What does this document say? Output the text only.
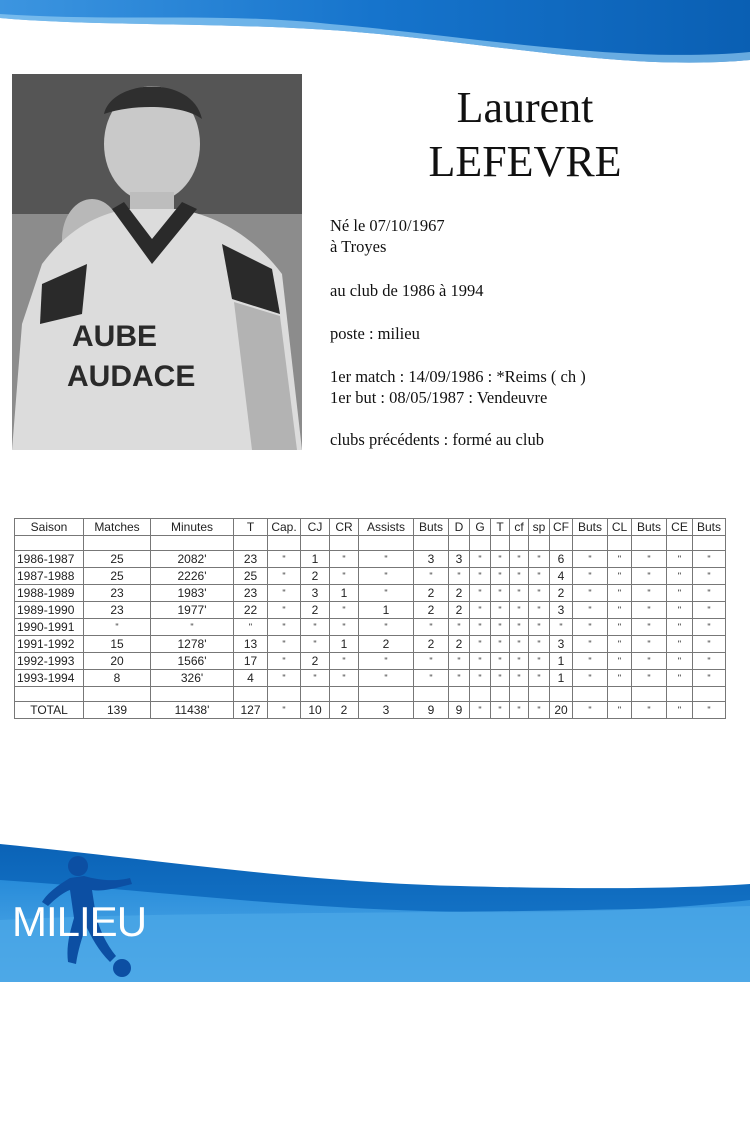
AUBE
AUDACE
Laurent
LEFEVRE
Né le 07/10/1967
à Troyes
au club de 1986 à 1994
poste : milieu
1er match : 14/09/1986 : *Reims ( ch )
1er but : 08/05/1987 : Vendeuvre
clubs précédents : formé au club
Saison	Matches	Minutes	T	Cap.	CJ	CR	Assists	Buts	D	G	T	cf	sp	CF	Buts	CL	Buts	CE	Buts

1986-1987	25	2082'	23	"	1	"	"	3	3	"	"	"	"	6	"	"	"	"	"
1987-1988	25	2226'	25	"	2	"	"	"	"	"	"	"	"	4	"	"	"	"	"
1988-1989	23	1983'	23	"	3	1	"	2	2	"	"	"	"	2	"	"	"	"	"
1989-1990	23	1977'	22	"	2	"	1	2	2	"	"	"	"	3	"	"	"	"	"
1990-1991	"	"	"	"	"	"	"	"	"	"	"	"	"	"	"	"	"	"	"
1991-1992	15	1278'	13	"	"	1	2	2	2	"	"	"	"	3	"	"	"	"	"
1992-1993	20	1566'	17	"	2	"	"	"	"	"	"	"	"	1	"	"	"	"	"
1993-1994	8	326'	4	"	"	"	"	"	"	"	"	"	"	1	"	"	"	"	"

TOTAL	139	11438'	127	"	10	2	3	9	9	"	"	"	"	20	"	"	"	"	"
MILIEU
